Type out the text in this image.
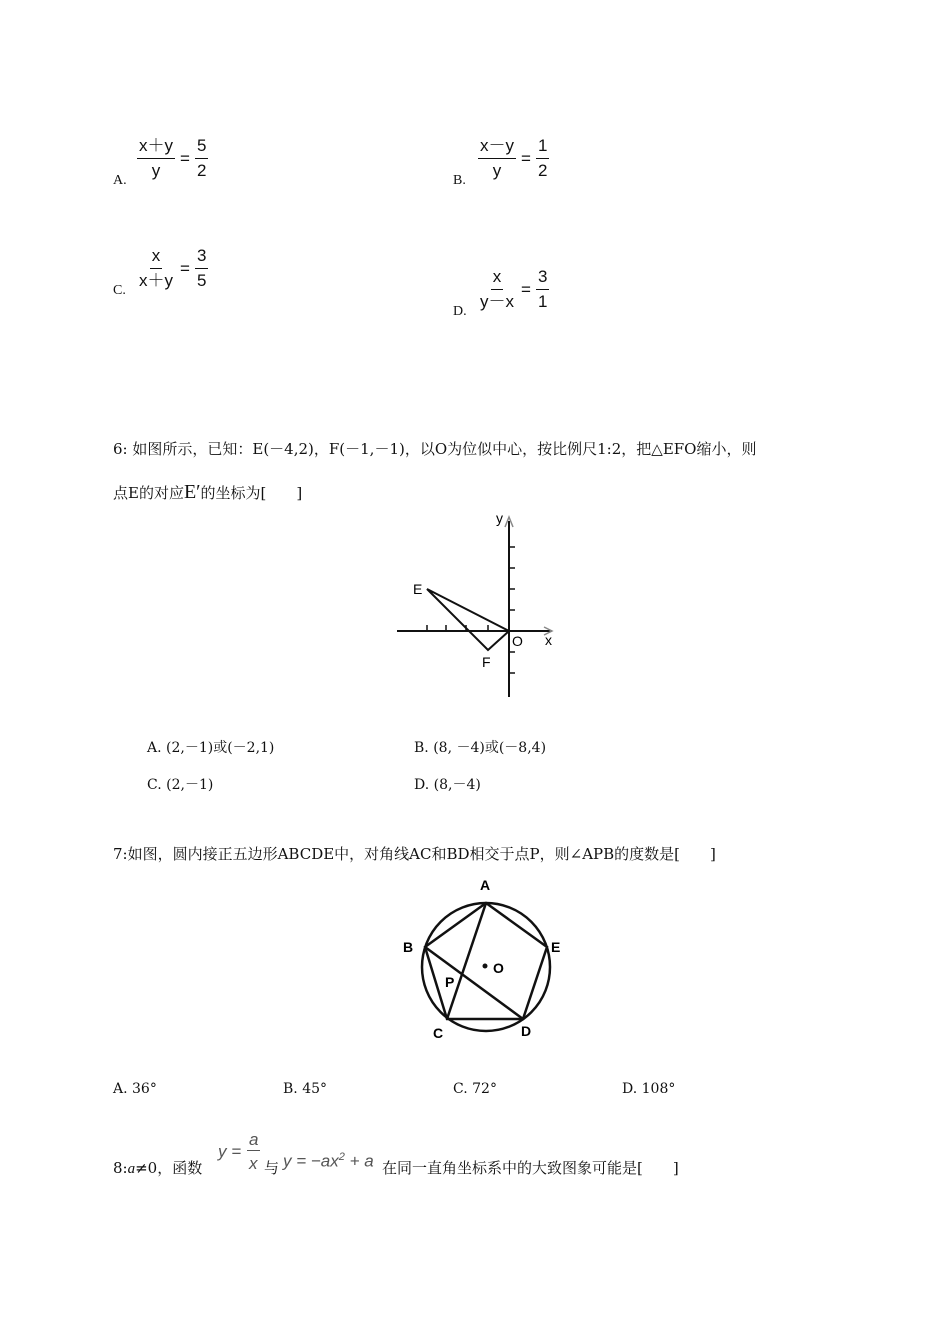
A. $\frac{x+y}{y} = \frac{5}{2}$	B. $\frac{x-y}{y} = \frac{1}{2}$
C. $\frac{x}{x+y} = \frac{3}{5}$
D. $\frac{x}{y-x} = \frac{3}{1}$
6: 如图所示，已知：E(－4,2)，F(－1,－1)，以O为位似中心，按比例尺1:2，把△EFO缩小，则
点E的对应E′的坐标为[　　]
y
x
O
E
F
A. (2,－1)或(－2,1)	B. (8, －4)或(－8,4)
C. (2,－1)	D. (8,－4)
7:如图，圆内接正五边形ABCDE中，对角线AC和BD相交于点P，则∠APB的度数是[　　]
A
B
C	D
E
P
O
A. 36°	B. 45°	C. 72°	D. 108°
8:a≠0，函数
y =
a
x 与 $y = -ax^2 + a$ 在同一直角坐标系中的大致图象可能是[　　]
